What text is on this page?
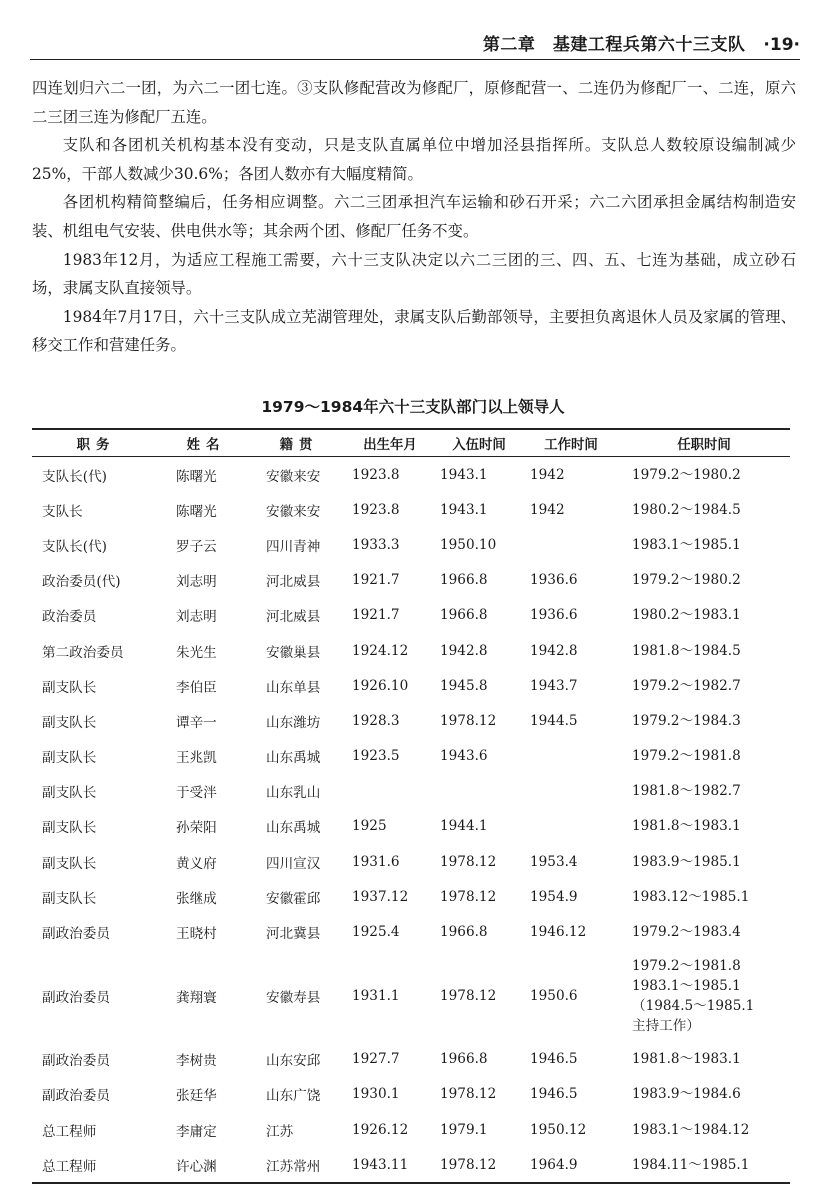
第二章　基建工程兵第六十三支队 ·19·

四连划归六二一团，为六二一团七连。③支队修配营改为修配厂，原修配营一、二连仍为修配厂一、二连，原六二三团三连为修配厂五连。

支队和各团机关机构基本没有变动，只是支队直属单位中增加泾县指挥所。支队总人数较原设编制减少25%，干部人数减少30.6%；各团人数亦有大幅度精简。

各团机构精简整编后，任务相应调整。六二三团承担汽车运输和砂石开采；六二六团承担金属结构制造安装、机组电气安装、供电供水等；其余两个团、修配厂任务不变。

1983年12月，为适应工程施工需要，六十三支队决定以六二三团的三、四、五、七连为基础，成立砂石场，隶属支队直接领导。

1984年7月17日，六十三支队成立芜湖管理处，隶属支队后勤部领导，主要担负离退休人员及家属的管理、移交工作和营建任务。

1979～1984年六十三支队部门以上领导人
职务	姓名	籍贯	出生年月	入伍时间	工作时间	任职时间
支队长(代)	陈曙光	安徽来安	1923.8	1943.1	1942	1979.2～1980.2

支队长	陈曙光	安徽来安	1923.8	1943.1	1942	1980.2～1984.5

支队长(代)	罗子云	四川青神	1933.3	1950.10		1983.1～1985.1

政治委员(代)	刘志明	河北威县	1921.7	1966.8	1936.6	1979.2～1980.2

政治委员	刘志明	河北威县	1921.7	1966.8	1936.6	1980.2～1983.1

第二政治委员	朱光生	安徽巢县	1924.12	1942.8	1942.8	1981.8～1984.5

副支队长	李伯臣	山东单县	1926.10	1945.8	1943.7	1979.2～1982.7

副支队长	谭辛一	山东潍坊	1928.3	1978.12	1944.5	1979.2～1984.3

副支队长	王兆凯	山东禹城	1923.5	1943.6		1979.2～1981.8

副支队长	于受泮	山东乳山				1981.8～1982.7

副支队长	孙荣阳	山东禹城	1925	1944.1		1981.8～1983.1

副支队长	黄义府	四川宣汉	1931.6	1978.12	1953.4	1983.9～1985.1

副支队长	张继成	安徽霍邱	1937.12	1978.12	1954.9	1983.12～1985.1

副政治委员	王晓村	河北冀县	1925.4	1966.8	1946.12	1979.2～1983.4

副政治委员	龚翔寰	安徽寿县	1931.1	1978.12	1950.6	1979.2～1981.8
1983.1～1985.1
（1984.5～1985.1
主持工作）

副政治委员	李树贵	山东安邱	1927.7	1966.8	1946.5	1981.8～1983.1

副政治委员	张廷华	山东广饶	1930.1	1978.12	1946.5	1983.9～1984.6

总工程师	李庸定	江苏	1926.12	1979.1	1950.12	1983.1～1984.12

总工程师	许心渊	江苏常州	1943.11	1978.12	1964.9	1984.11～1985.1
